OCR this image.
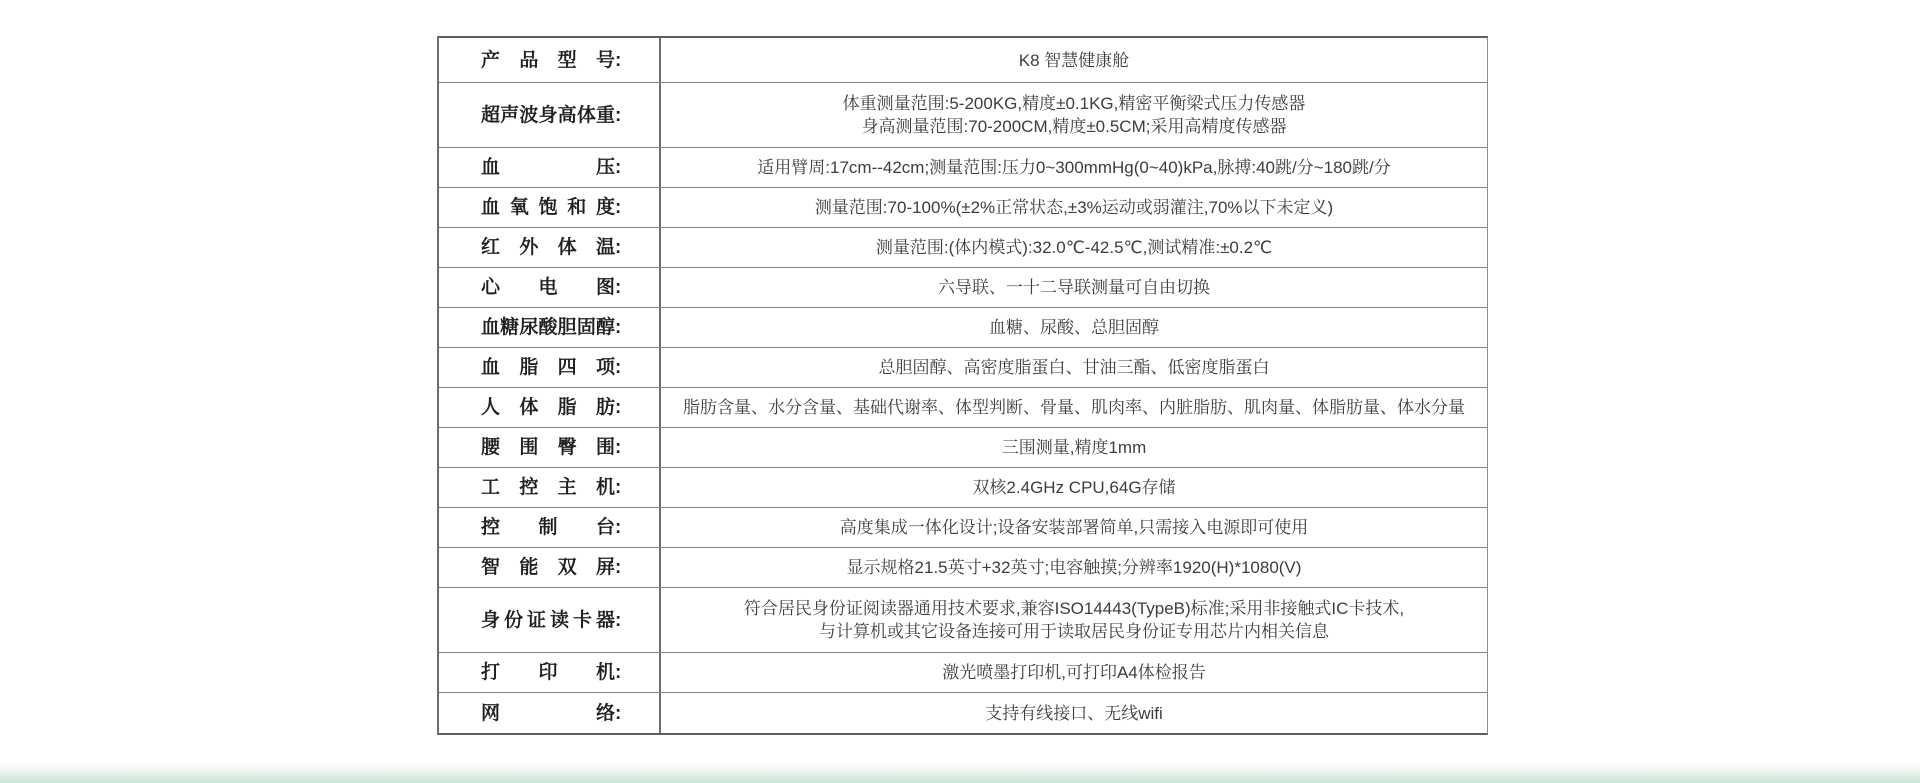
产品型号 :	K8 智慧健康舱
超声波身高体重 :
体重测量范围:5-200KG,精度±0.1KG,精密平衡梁式压力传感器
身高测量范围:70-200CM,精度±0.5CM;采用高精度传感器
血压 :	适用臂周:17cm--42cm;测量范围:压力0~300mmHg(0~40)kPa,脉搏:40跳/分~180跳/分
血氧饱和度 :	测量范围:70-100%(±2%正常状态,±3%运动或弱灌注,70%以下未定义)
红外体温 :	测量范围:(体内模式):32.0℃-42.5℃,测试精准:±0.2℃
心电图 :	六导联、一十二导联测量可自由切换
血糖尿酸胆固醇 :	血糖、尿酸、总胆固醇
血脂四项 :	总胆固醇、高密度脂蛋白、甘油三酯、低密度脂蛋白
人体脂肪 :	脂肪含量、水分含量、基础代谢率、体型判断、骨量、肌肉率、内脏脂肪、肌肉量、体脂肪量、体水分量
腰围臀围 :	三围测量,精度1mm
工控主机 :	双核2.4GHz CPU,64G存储
控制台 :	高度集成一体化设计;设备安装部署简单,只需接入电源即可使用
智能双屏 :	显示规格21.5英寸+32英寸;电容触摸;分辨率1920(H)*1080(V)
身份证读卡器 :
符合居民身份证阅读器通用技术要求,兼容ISO14443(TypeB)标准;采用非接触式IC卡技术,
与计算机或其它设备连接可用于读取居民身份证专用芯片内相关信息
打印机 :	激光喷墨打印机,可打印A4体检报告
网络 :	支持有线接口、无线wifi
